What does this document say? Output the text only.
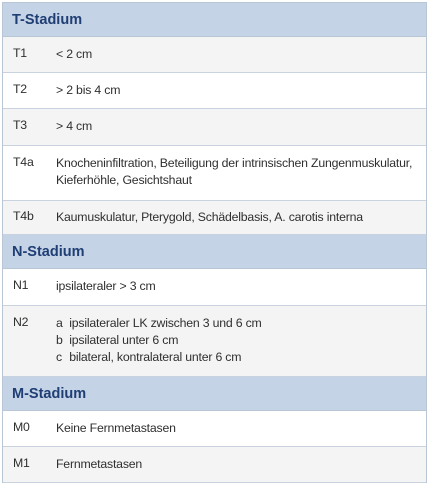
T-Stadium
T1	< 2 cm
T2	> 2 bis 4 cm
T3	> 4 cm
T4a	Knocheninfiltration, Beteiligung der intrinsischen Zungenmuskulatur,
Kieferhöhle, Gesichtshaut
T4b	Kaumuskulatur, Pterygold, Schädelbasis, A. carotis interna
N-Stadium
N1	ipsilateraler > 3 cm
N2	a ipsilateraler LK zwischen 3 und 6 cm
b ipsilateral unter 6 cm
c bilateral, kontralateral unter 6 cm
M-Stadium
M0	Keine Fernmetastasen
M1	Fernmetastasen
